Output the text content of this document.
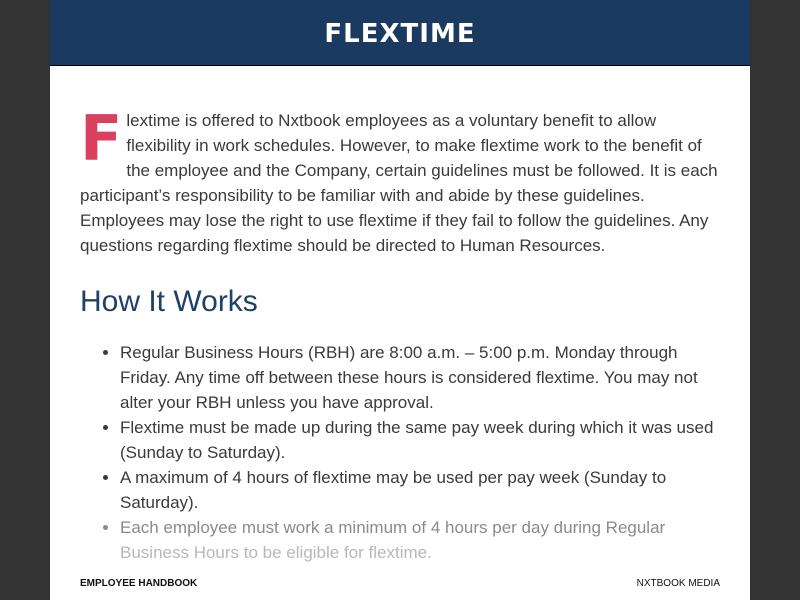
FLEXTIME

Flextime is offered to Nxtbook employees as a voluntary benefit to allow flexibility in work schedules. However, to make flextime work to the benefit of the employee and the Company, certain guidelines must be followed. It is each participant’s responsibility to be familiar with and abide by these guidelines. Employees may lose the right to use flextime if they fail to follow the guidelines. Any questions regarding flextime should be directed to Human Resources.

How It Works
• Regular Business Hours (RBH) are 8:00 a.m. – 5:00 p.m. Monday through Friday. Any time off between these hours is considered flextime. You may not alter your RBH unless you have approval.
• Flextime must be made up during the same pay week during which it was used (Sunday to Saturday).
• A maximum of 4 hours of flextime may be used per pay week (Sunday to Saturday).
• Each employee must work a minimum of 4 hours per day during Regular Business Hours to be eligible for flextime.
EMPLOYEE HANDBOOK	NXTBOOK MEDIA
